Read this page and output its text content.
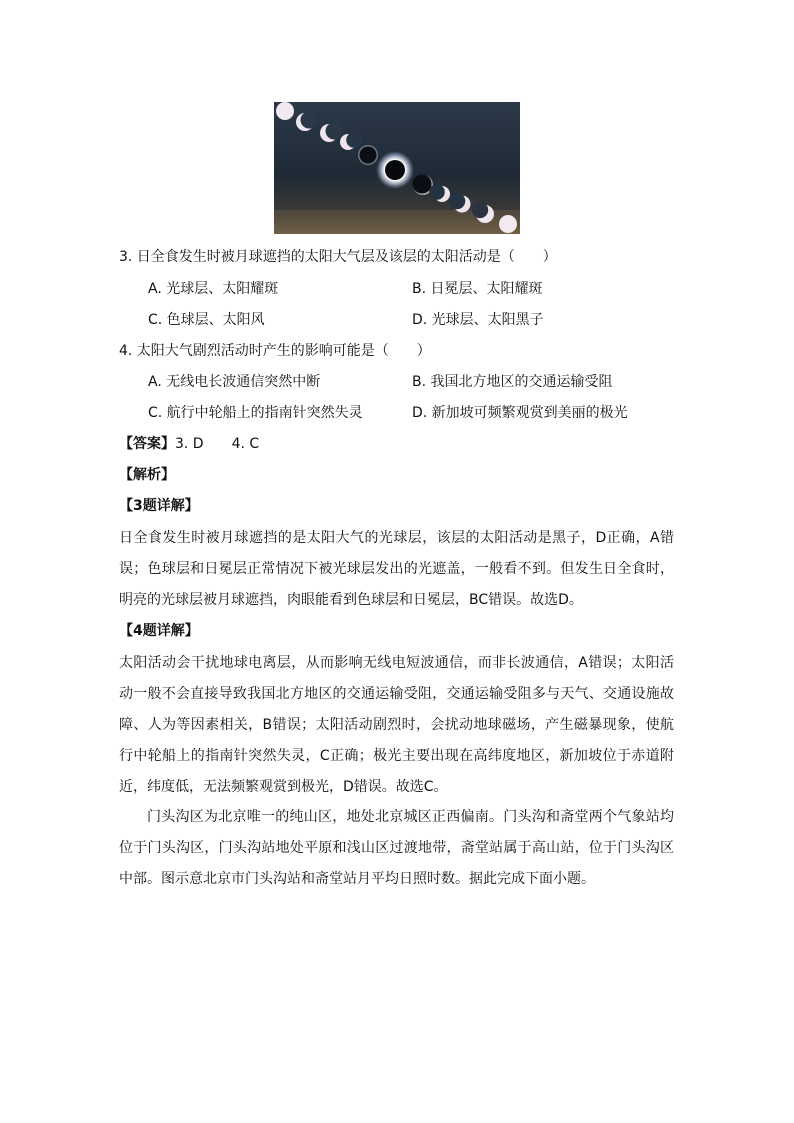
3. 日全食发生时被月球遮挡的太阳大气层及该层的太阳活动是（　　）
A. 光球层、太阳耀斑	B. 日冕层、太阳耀斑
C. 色球层、太阳风	D. 光球层、太阳黑子
4. 太阳大气剧烈活动时产生的影响可能是（　　）
A. 无线电长波通信突然中断	B. 我国北方地区的交通运输受阻
C. 航行中轮船上的指南针突然失灵	D. 新加坡可频繁观赏到美丽的极光
【答案】3. D　　4. C
【解析】
【3题详解】
日全食发生时被月球遮挡的是太阳大气的光球层，该层的太阳活动是黑子，D正确，A错误；色球层和日冕层正常情况下被光球层发出的光遮盖，一般看不到。但发生日全食时，明亮的光球层被月球遮挡，肉眼能看到色球层和日冕层，BC错误。故选D。
【4题详解】
太阳活动会干扰地球电离层，从而影响无线电短波通信，而非长波通信，A错误；太阳活动一般不会直接导致我国北方地区的交通运输受阻，交通运输受阻多与天气、交通设施故障、人为等因素相关，B错误；太阳活动剧烈时，会扰动地球磁场，产生磁暴现象，使航行中轮船上的指南针突然失灵，C正确；极光主要出现在高纬度地区，新加坡位于赤道附近，纬度低，无法频繁观赏到极光，D错误。故选C。
门头沟区为北京唯一的纯山区，地处北京城区正西偏南。门头沟和斋堂两个气象站均位于门头沟区，门头沟站地处平原和浅山区过渡地带，斋堂站属于高山站，位于门头沟区中部。图示意北京市门头沟站和斋堂站月平均日照时数。据此完成下面小题。
